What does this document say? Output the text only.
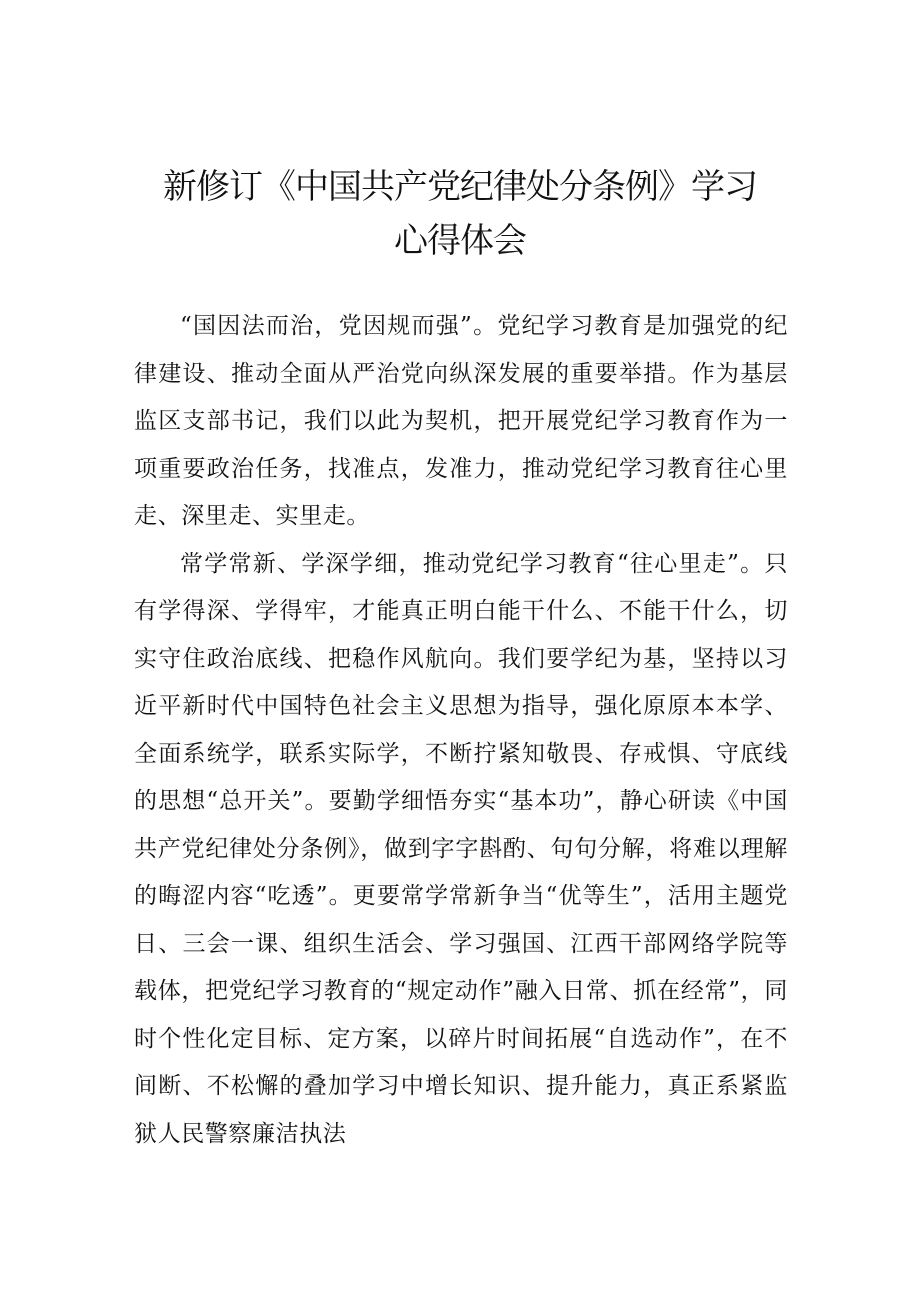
新修订《中国共产党纪律处分条例》学习
心得体会

“国因法而治，党因规而强”。党纪学习教育是加强党的纪律建设、推动全面从严治党向纵深发展的重要举措。作为基层监区支部书记，我们以此为契机，把开展党纪学习教育作为一项重要政治任务，找准点，发准力，推动党纪学习教育往心里走、深里走、实里走。

常学常新、学深学细，推动党纪学习教育“往心里走”。只有学得深、学得牢，才能真正明白能干什么、不能干什么，切实守住政治底线、把稳作风航向。我们要学纪为基，坚持以习近平新时代中国特色社会主义思想为指导，强化原原本本学、全面系统学，联系实际学，不断拧紧知敬畏、存戒惧、守底线的思想“总开关”。要勤学细悟夯实“基本功”，静心研读《中国共产党纪律处分条例》，做到字字斟酌、句句分解，将难以理解的晦涩内容“吃透”。更要常学常新争当“优等生”，活用主题党日、三会一课、组织生活会、学习强国、江西干部网络学院等载体，把党纪学习教育的“规定动作”融入日常、抓在经常”，同时个性化定目标、定方案，以碎片时间拓展“自选动作”，在不间断、不松懈的叠加学习中增长知识、提升能力，真正系紧监狱人民警察廉洁执法
